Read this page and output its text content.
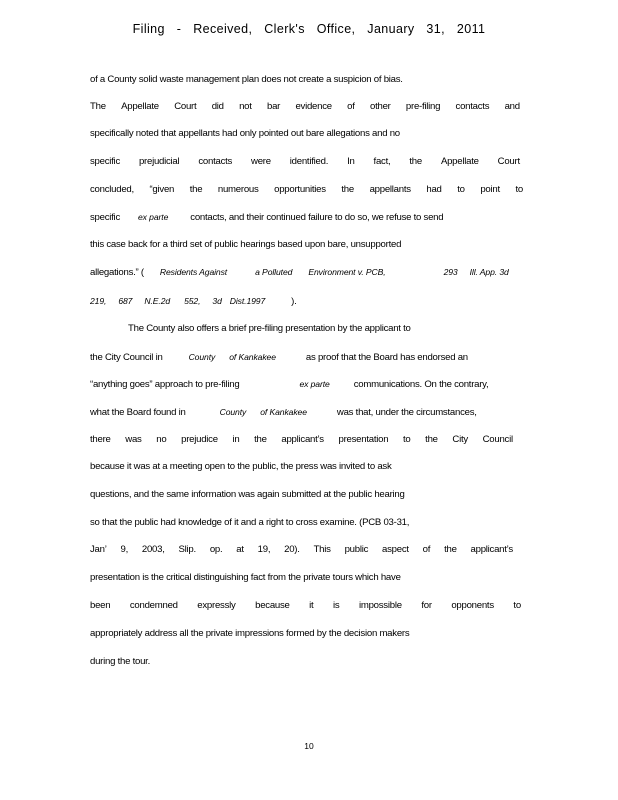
Filing - Received, Clerk's Office, January 31, 2011
of a County solid waste management plan does not create a suspicion of bias.
The Appellate Court did not bar evidence of other pre-filing contacts and
specifically noted that appellants had only pointed out bare allegations and no
specific prejudicial contacts were identified. In fact, the Appellate Court
concluded, “given the numerous opportunities the appellants had to point to
specific ex parte contacts, and their continued failure to do so, we refuse to send
this case back for a third set of public hearings based upon bare, unsupported
allegations.” ( Residents Against	a Polluted Environment v. PCB,	293 Ill. App. 3d
219, 687 N.E.2d 552, 3d Dist.1997	).
The County also offers a brief pre-filing presentation by the applicant to
the City Council in	County of Kankakee	as proof that the Board has endorsed an
“anything goes” approach to pre-filing	ex parte	communications. On the contrary,
what the Board found in	County of Kankakee	was that, under the circumstances,
there was no prejudice in the applicant’s presentation to the City Council
because it was at a meeting open to the public, the press was invited to ask
questions, and the same information was again submitted at the public hearing
so that the public had knowledge of it and a right to cross examine. (PCB 03-31,
Jan’ 9, 2003, Slip. op. at 19, 20). This public aspect of the applicant’s
presentation is the critical distinguishing fact from the private tours which have
been condemned expressly because it is impossible for opponents to
appropriately address all the private impressions formed by the decision makers
during the tour.
10
